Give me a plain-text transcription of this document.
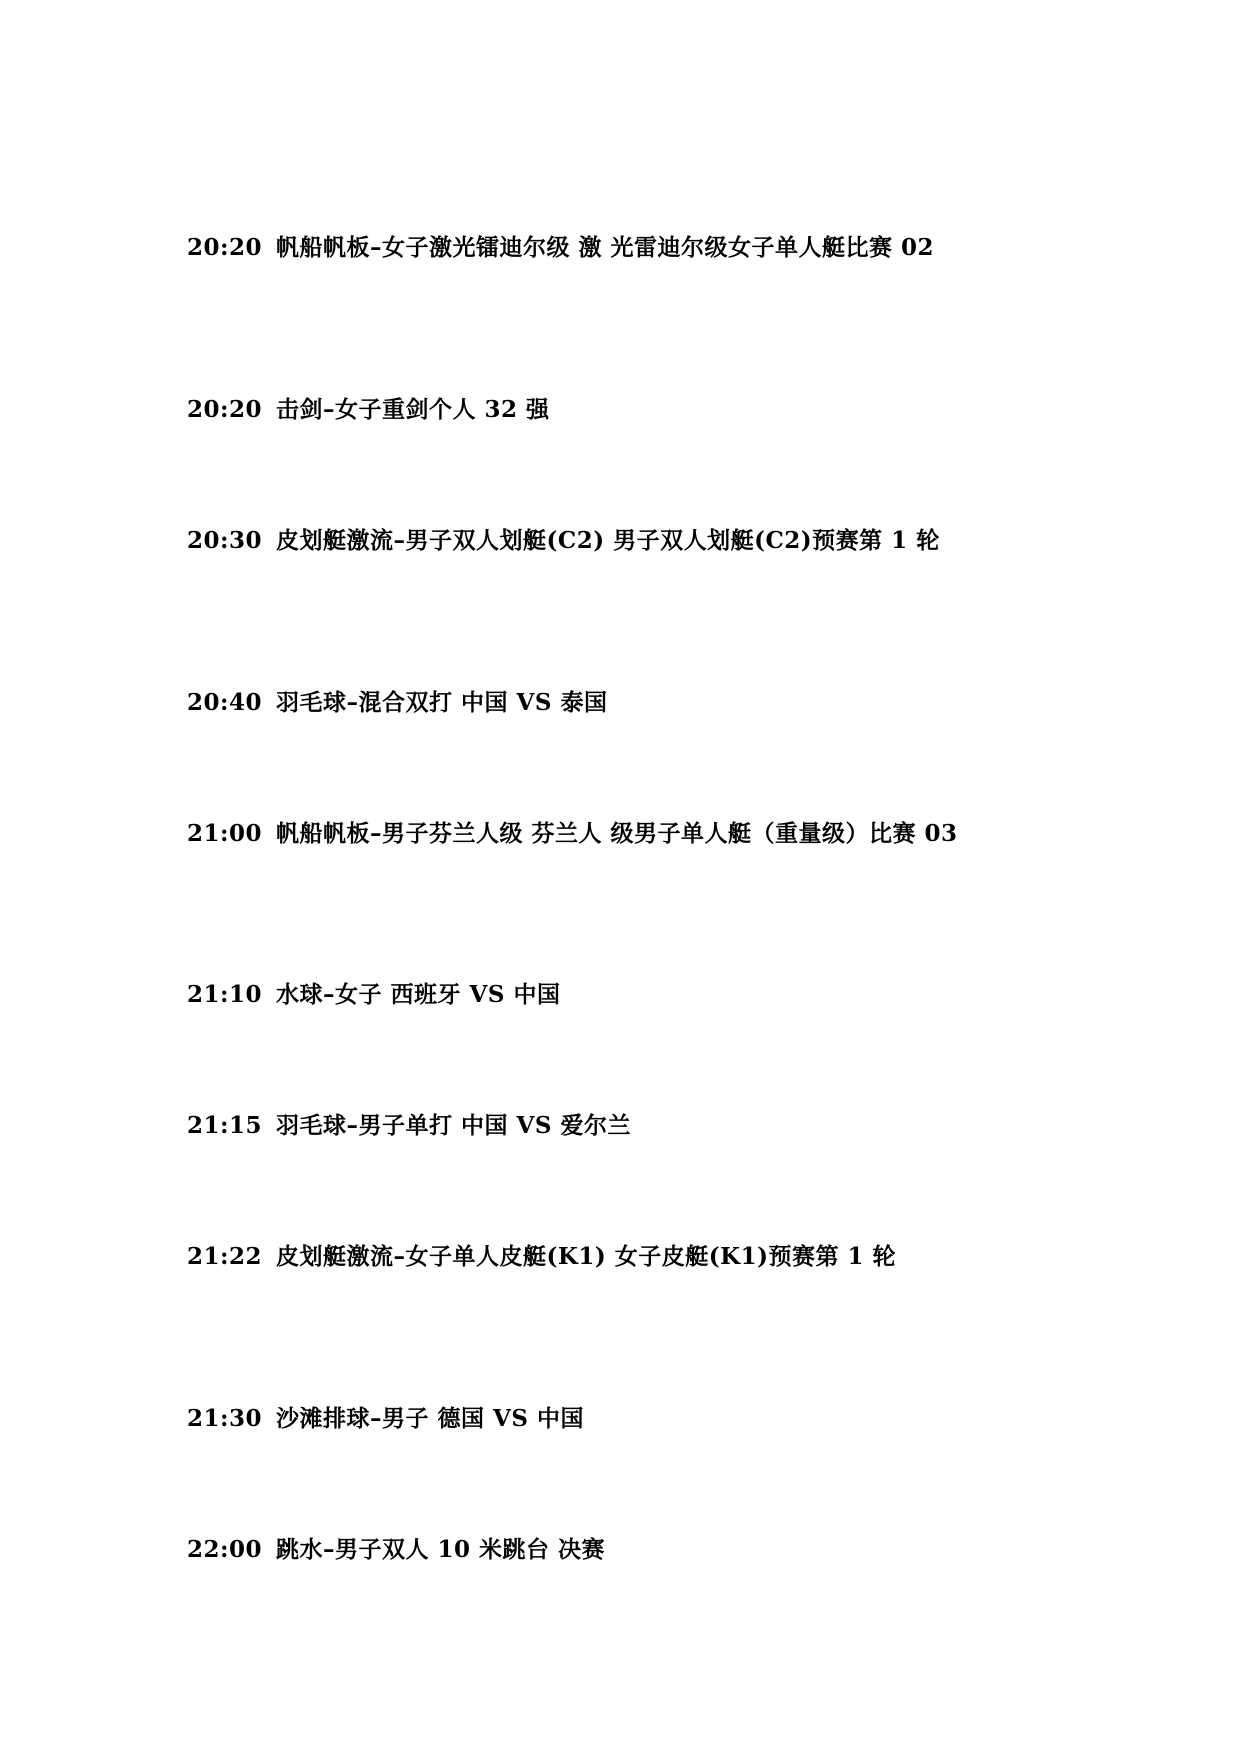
20:20 帆船帆板–女子激光镭迪尔级 激 光雷迪尔级女子单人艇比赛 02
20:20 击剑–女子重剑个人 32 强
20:30 皮划艇激流–男子双人划艇(C2) 男子双人划艇(C2)预赛第 1 轮
20:40 羽毛球–混合双打 中国 VS 泰国
21:00 帆船帆板–男子芬兰人级 芬兰人 级男子单人艇（重量级）比赛 03
21:10 水球–女子 西班牙 VS 中国
21:15 羽毛球–男子单打 中国 VS 爱尔兰
21:22 皮划艇激流–女子单人皮艇(K1) 女子皮艇(K1)预赛第 1 轮
21:30 沙滩排球–男子 德国 VS 中国
22:00 跳水–男子双人 10 米跳台 决赛
